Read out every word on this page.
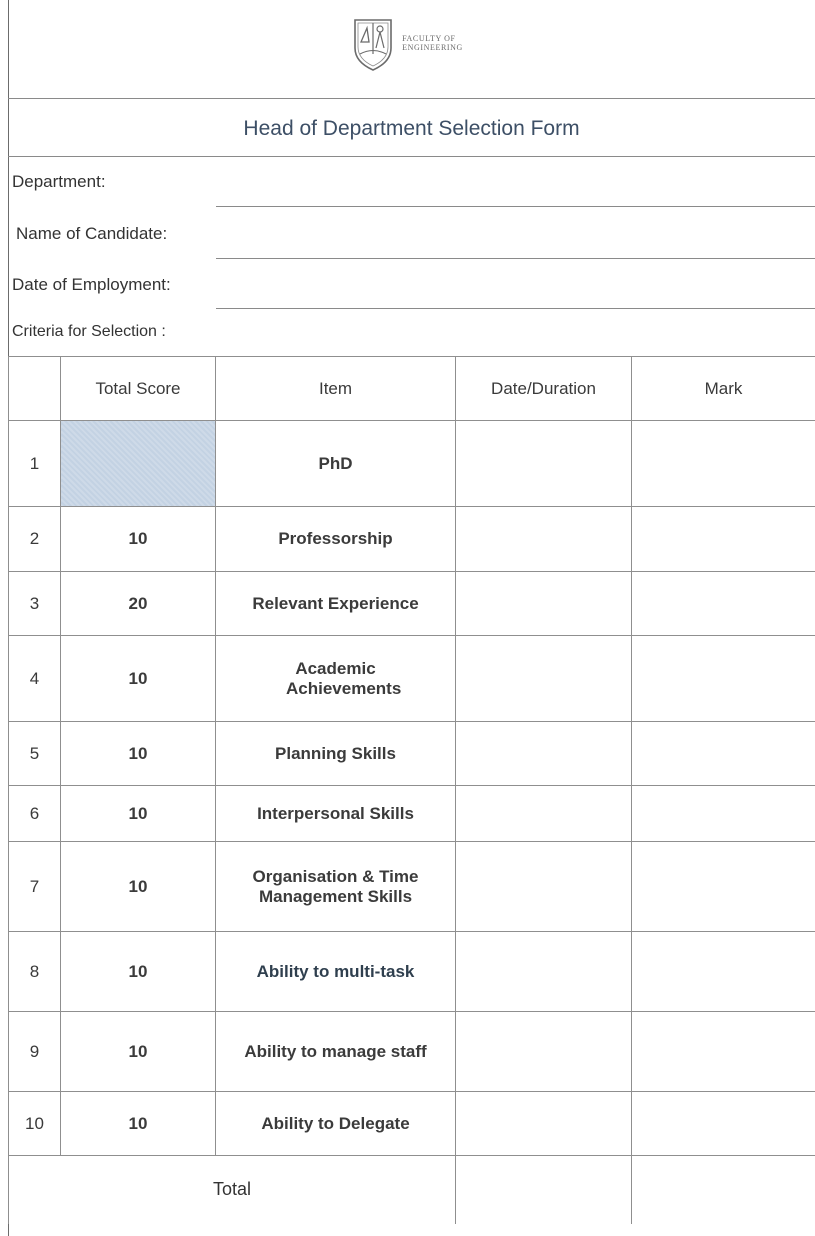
FACULTY OF
ENGINEERING
Head of Department Selection Form
Department:
Name of Candidate:
Date of Employment:
Criteria for Selection :
	Total Score	Item	Date/Duration	Mark
1		PhD		
2	10	Professorship		
3	20	Relevant Experience		
4	10	Academic Achievements		
5	10	Planning Skills		
6	10	Interpersonal Skills		
7	10	Organisation & Time Management Skills		
8	10	Ability to multi-task		
9	10	Ability to manage staff		
10	10	Ability to Delegate		
Total				
